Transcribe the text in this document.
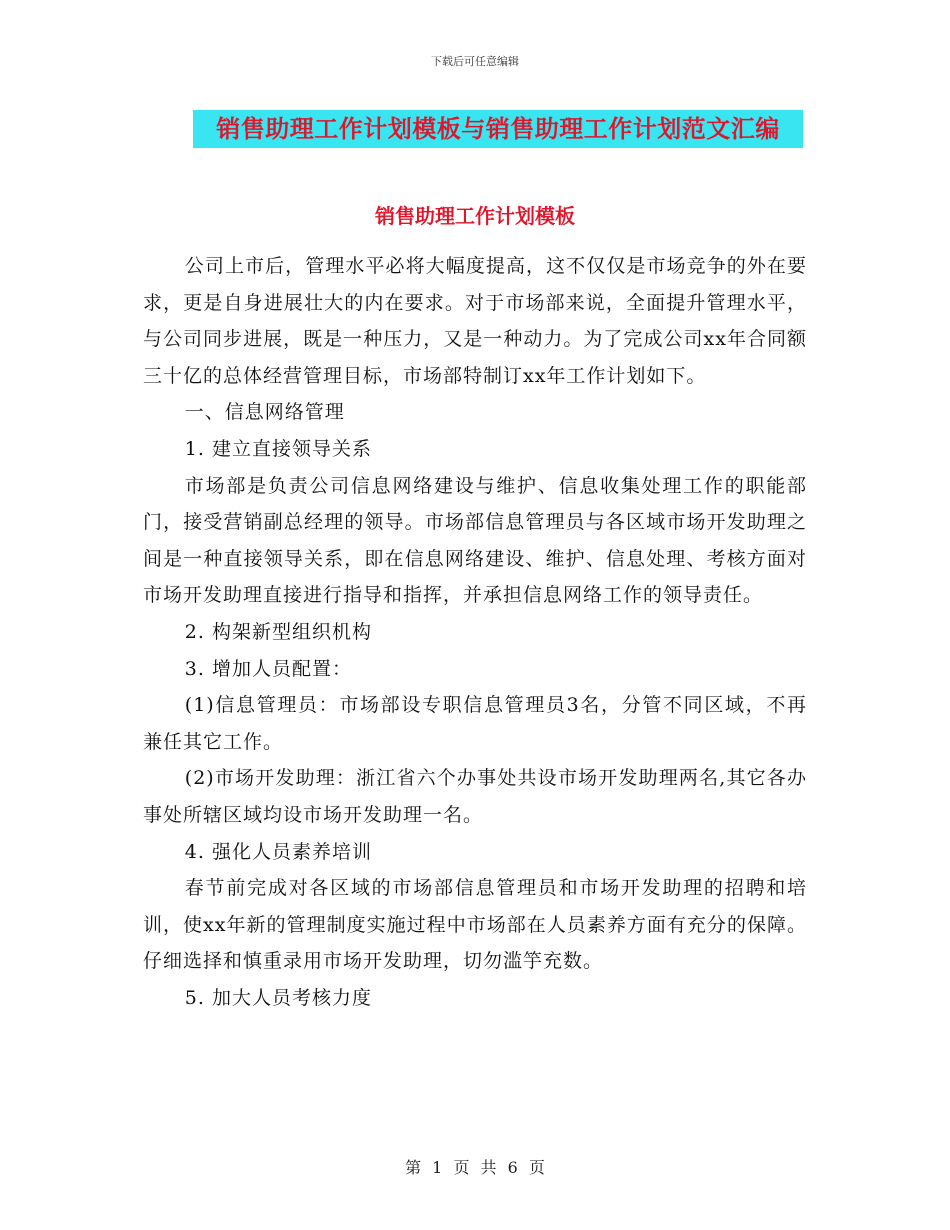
下载后可任意编辑
销售助理工作计划模板与销售助理工作计划范文汇编
销售助理工作计划模板

公司上市后，管理水平必将大幅度提高，这不仅仅是市场竞争的外在要求，更是自身进展壮大的内在要求。对于市场部来说，全面提升管理水平，与公司同步进展，既是一种压力，又是一种动力。为了完成公司xx年合同额三十亿的总体经营管理目标，市场部特制订xx年工作计划如下。

一、信息网络管理

1. 建立直接领导关系

市场部是负责公司信息网络建设与维护、信息收集处理工作的职能部门，接受营销副总经理的领导。市场部信息管理员与各区域市场开发助理之间是一种直接领导关系，即在信息网络建设、维护、信息处理、考核方面对市场开发助理直接进行指导和指挥，并承担信息网络工作的领导责任。

2. 构架新型组织机构

3. 增加人员配置：

(1)信息管理员：市场部设专职信息管理员3名，分管不同区域，不再兼任其它工作。

(2)市场开发助理：浙江省六个办事处共设市场开发助理两名,其它各办事处所辖区域均设市场开发助理一名。

4. 强化人员素养培训

春节前完成对各区域的市场部信息管理员和市场开发助理的招聘和培训，使xx年新的管理制度实施过程中市场部在人员素养方面有充分的保障。仔细选择和慎重录用市场开发助理，切勿滥竽充数。

5. 加大人员考核力度

第 1 页 共 6 页
